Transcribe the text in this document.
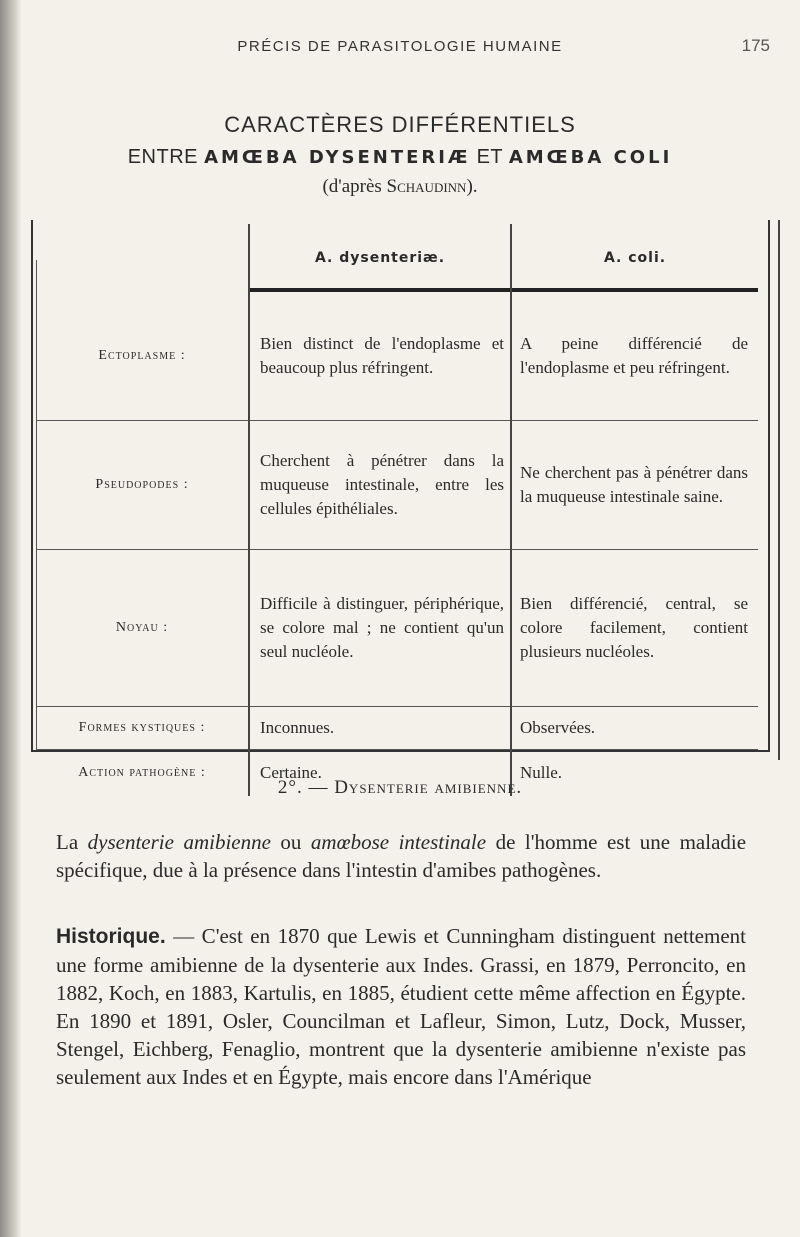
PRÉCIS DE PARASITOLOGIE HUMAINE	175
CARACTÈRES DIFFÉRENTIELS
ENTRE AMŒBA DYSENTERIÆ ET AMŒBA COLI
(d'après Schaudinn).
	A. dysenteriæ.	A. coli.

Ectoplasme :	Bien distinct de l'endoplasme et beaucoup plus réfringent.	A peine différencié de l'endoplasme et peu réfringent.
Pseudopodes :	Cherchent à pénétrer dans la muqueuse intestinale, entre les cellules épithéliales.	Ne cherchent pas à pénétrer dans la muqueuse intestinale saine.
Noyau :	Difficile à distinguer, périphérique, se colore mal ; ne contient qu'un seul nucléole.	Bien différencié, central, se colore facilement, contient plusieurs nucléoles.
Formes kystiques :	Inconnues.	Observées.
Action pathogène :	Certaine.	Nulle.
2°. — Dysenterie amibienne.
La dysenterie amibienne ou amœbose intestinale de l'homme est une maladie spécifique, due à la présence dans l'intestin d'amibes pathogènes.
Historique. — C'est en 1870 que Lewis et Cunningham distinguent nettement une forme amibienne de la dysenterie aux Indes. Grassi, en 1879, Perroncito, en 1882, Koch, en 1883, Kartulis, en 1885, étudient cette même affection en Égypte. En 1890 et 1891, Osler, Councilman et Lafleur, Simon, Lutz, Dock, Musser, Stengel, Eichberg, Fenaglio, montrent que la dysenterie amibienne n'existe pas seulement aux Indes et en Égypte, mais encore dans l'Amérique
